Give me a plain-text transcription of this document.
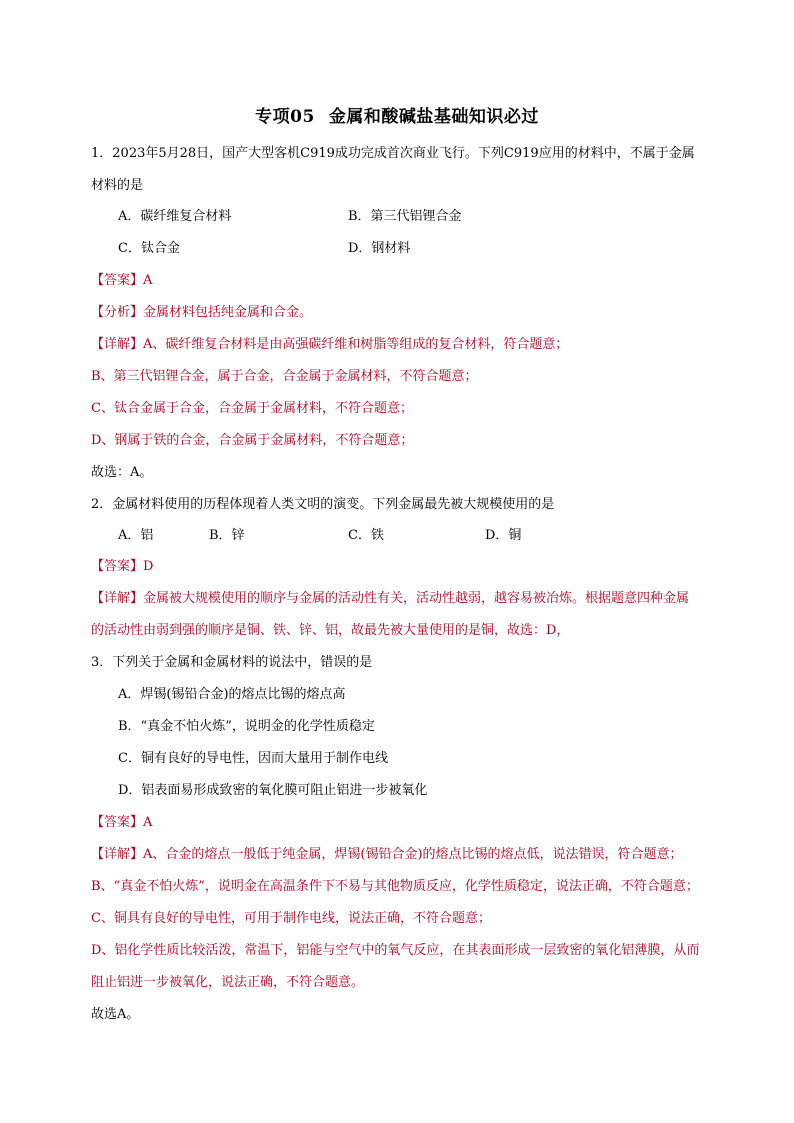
专项05 金属和酸碱盐基础知识必过
1．2023年5月28日，国产大型客机C919成功完成首次商业飞行。下列C919应用的材料中，不属于金属
材料的是
A．碳纤维复合材料	B．第三代铝锂合金
C．钛合金	D．钢材料
【答案】A
【分析】金属材料包括纯金属和合金。
【详解】A、碳纤维复合材料是由高强碳纤维和树脂等组成的复合材料，符合题意；
B、第三代铝锂合金，属于合金，合金属于金属材料，不符合题意；
C、钛合金属于合金，合金属于金属材料，不符合题意；
D、钢属于铁的合金，合金属于金属材料，不符合题意；
故选：A。
2．金属材料使用的历程体现着人类文明的演变。下列金属最先被大规模使用的是
A．铝	B．锌	C．铁	D．铜
【答案】D
【详解】金属被大规模使用的顺序与金属的活动性有关，活动性越弱，越容易被冶炼。根据题意四种金属
的活动性由弱到强的顺序是铜、铁、锌、铝，故最先被大量使用的是铜，故选：D，
3．下列关于金属和金属材料的说法中，错误的是
A．焊锡(锡铅合金)的熔点比锡的熔点高
B．“真金不怕火炼”，说明金的化学性质稳定
C．铜有良好的导电性，因而大量用于制作电线
D．铝表面易形成致密的氧化膜可阻止铝进一步被氧化
【答案】A
【详解】A、合金的熔点一般低于纯金属，焊锡(锡铅合金)的熔点比锡的熔点低，说法错误，符合题意；
B、“真金不怕火炼”，说明金在高温条件下不易与其他物质反应，化学性质稳定，说法正确，不符合题意；
C、铜具有良好的导电性，可用于制作电线，说法正确，不符合题意；
D、铝化学性质比较活泼，常温下，铝能与空气中的氧气反应，在其表面形成一层致密的氧化铝薄膜，从而
阻止铝进一步被氧化，说法正确，不符合题意。
故选A。
